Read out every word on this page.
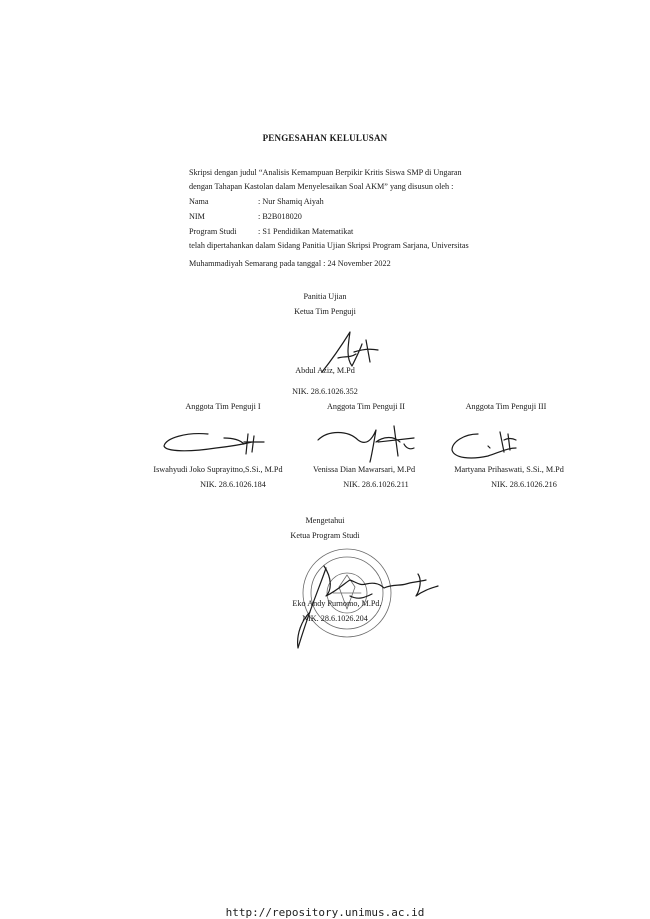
PENGESAHAN KELULUSAN
Skripsi dengan judul “Analisis Kemampuan Berpikir Kritis Siswa SMP di Ungaran
dengan Tahapan Kastolan dalam Menyelesaikan Soal AKM” yang disusun oleh :
Nama	: Nur Shamiq Aiyah
NIM	: B2B018020
Program Studi	: S1 Pendidikan Matematikat
telah dipertahankan dalam Sidang Panitia Ujian Skripsi Program Sarjana, Universitas
Muhammadiyah Semarang pada tanggal : 24 November 2022
Panitia Ujian
Ketua Tim Penguji
Abdul Aziz, M.Pd
NIK. 28.6.1026.352
Anggota Tim Penguji I	Anggota Tim Penguji II	Anggota Tim Penguji III
Iswahyudi Joko Suprayitno,S.Si., M.Pd	Venissa Dian Mawarsari, M.Pd	Martyana Prihaswati, S.Si., M.Pd
NIK. 28.6.1026.184	NIK. 28.6.1026.211	NIK. 28.6.1026.216
Mengetahui
Ketua Program Studi
Eko Andy Purnomo, M.Pd.
NIK. 28.6.1026.204
http://repository.unimus.ac.id
